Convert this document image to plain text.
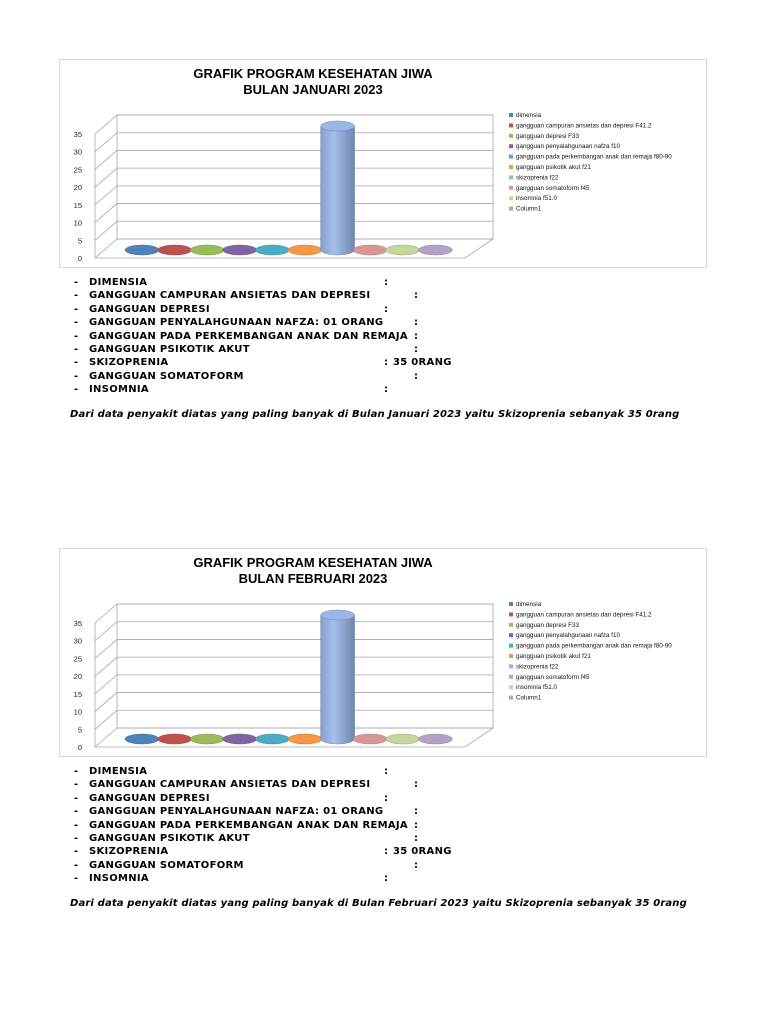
GRAFIK PROGRAM KESEHATAN JIWA
BULAN JANUARI 2023
0
5
10
15
20
25
30
35
dimensia
gangguan campuran ansietas dan depresi F41.2
gangguan depresi F33
gangguan penyalahgunaan nafza f10
gangguan pada perkembangan anak dan remaja f80-90
gangguan psikotik akut f21
skizoprenia f22
gangguan somatoform f45
insomnia f51.0
Column1
- DIMENSIA	:
- GANGGUAN CAMPURAN ANSIETAS DAN DEPRESI	:
- GANGGUAN DEPRESI	:
- GANGGUAN PENYALAHGUNAAN NAFZA: 01 ORANG	:
- GANGGUAN PADA PERKEMBANGAN ANAK DAN REMAJA :
- GANGGUAN PSIKOTIK AKUT	:
- SKIZOPRENIA	: 35 0RANG
- GANGGUAN SOMATOFORM	:
- INSOMNIA	:
Dari data penyakit diatas yang paling banyak di Bulan Januari 2023 yaitu Skizoprenia sebanyak 35 0rang
GRAFIK PROGRAM KESEHATAN JIWA
BULAN FEBRUARI 2023
0
5
10
15
20
25
30
35
dimensia
gangguan campuran ansietas dan depresi F41.2
gangguan depresi F33
gangguan penyalahgunaan nafza f10
gangguan pada perkembangan anak dan remaja f80-90
gangguan psikotik akut f21
skizoprenia f22
gangguan somatoform f45
insomnia f51.0
Column1
- DIMENSIA	:
- GANGGUAN CAMPURAN ANSIETAS DAN DEPRESI	:
- GANGGUAN DEPRESI	:
- GANGGUAN PENYALAHGUNAAN NAFZA: 01 ORANG	:
- GANGGUAN PADA PERKEMBANGAN ANAK DAN REMAJA :
- GANGGUAN PSIKOTIK AKUT	:
- SKIZOPRENIA	: 35 0RANG
- GANGGUAN SOMATOFORM	:
- INSOMNIA	:
Dari data penyakit diatas yang paling banyak di Bulan Februari 2023 yaitu Skizoprenia sebanyak 35 0rang
